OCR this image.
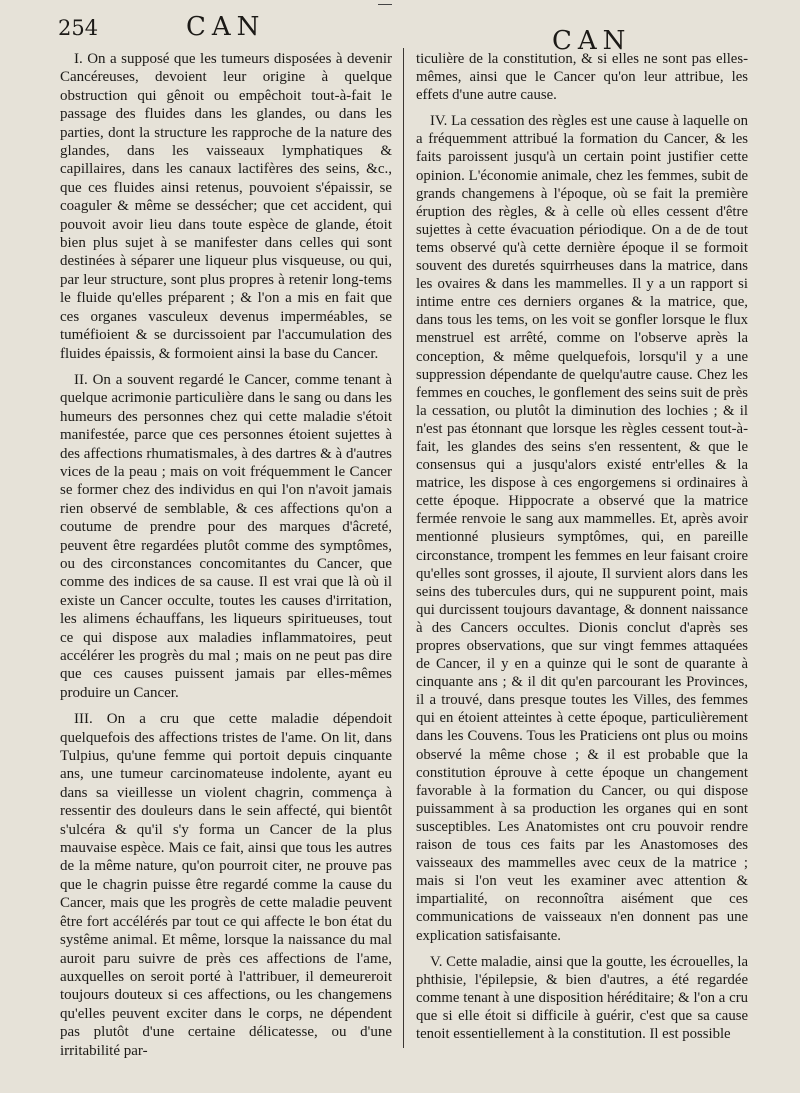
254	CAN	CAN

I. On a supposé que les tumeurs disposées à devenir Cancéreuses, devoient leur origine à quelque obstruction qui gênoit ou empêchoit tout-à-fait le passage des fluides dans les glandes, ou dans les parties, dont la structure les rapproche de la nature des glandes, dans les vaisseaux lymphatiques & capillaires, dans les canaux lactifères des seins, &c., que ces fluides ainsi retenus, pouvoient s'épaissir, se coaguler & même se dessécher; que cet accident, qui pouvoit avoir lieu dans toute espèce de glande, étoit bien plus sujet à se manifester dans celles qui sont destinées à séparer une liqueur plus visqueuse, ou qui, par leur structure, sont plus propres à retenir long-tems le fluide qu'elles préparent ; & l'on a mis en fait que ces organes vasculeux devenus imperméables, se tuméfioient & se durcissoient par l'accumulation des fluides épaissis, & formoient ainsi la base du Cancer.

II. On a souvent regardé le Cancer, comme tenant à quelque acrimonie particulière dans le sang ou dans les humeurs des personnes chez qui cette maladie s'étoit manifestée, parce que ces personnes étoient sujettes à des affections rhumatismales, à des dartres & à d'autres vices de la peau ; mais on voit fréquemment le Cancer se former chez des individus en qui l'on n'avoit jamais rien observé de semblable, & ces affections qu'on a coutume de prendre pour des marques d'âcreté, peuvent être regardées plutôt comme des symptômes, ou des circonstances concomitantes du Cancer, que comme des indices de sa cause. Il est vrai que là où il existe un Cancer occulte, toutes les causes d'irritation, les alimens échauffans, les liqueurs spiritueuses, tout ce qui dispose aux maladies inflammatoires, peut accélérer les progrès du mal ; mais on ne peut pas dire que ces causes puissent jamais par elles-mêmes produire un Cancer.

III. On a cru que cette maladie dépendoit quelquefois des affections tristes de l'ame. On lit, dans Tulpius, qu'une femme qui portoit depuis cinquante ans, une tumeur carcinomateuse indolente, ayant eu dans sa vieillesse un violent chagrin, commença à ressentir des douleurs dans le sein affecté, qui bientôt s'ulcéra & qu'il s'y forma un Cancer de la plus mauvaise espèce. Mais ce fait, ainsi que tous les autres de la même nature, qu'on pourroit citer, ne prouve pas que le chagrin puisse être regardé comme la cause du Cancer, mais que les progrès de cette maladie peuvent être fort accélérés par tout ce qui affecte le bon état du systême animal. Et même, lorsque la naissance du mal auroit paru suivre de près ces affections de l'ame, auxquelles on seroit porté à l'attribuer, il demeureroit toujours douteux si ces affections, ou les changemens qu'elles peuvent exciter dans le corps, ne dépendent pas plutôt d'une certaine délicatesse, ou d'une irritabilité par-

ticulière de la constitution, & si elles ne sont pas elles-mêmes, ainsi que le Cancer qu'on leur attribue, les effets d'une autre cause.

IV. La cessation des règles est une cause à laquelle on a fréquemment attribué la formation du Cancer, & les faits paroissent jusqu'à un certain point justifier cette opinion. L'économie animale, chez les femmes, subit de grands changemens à l'époque, où se fait la première éruption des règles, & à celle où elles cessent d'être sujettes à cette évacuation périodique. On a de de tout tems observé qu'à cette dernière époque il se formoit souvent des duretés squirrheuses dans la matrice, dans les ovaires & dans les mammelles. Il y a un rapport si intime entre ces derniers organes & la matrice, que, dans tous les tems, on les voit se gonfler lorsque le flux menstruel est arrêté, comme on l'observe après la conception, & même quelquefois, lorsqu'il y a une suppression dépendante de quelqu'autre cause. Chez les femmes en couches, le gonflement des seins suit de près la cessation, ou plutôt la diminution des lochies ; & il n'est pas étonnant que lorsque les règles cessent tout-à-fait, les glandes des seins s'en ressentent, & que le consensus qui a jusqu'alors existé entr'elles & la matrice, les dispose à ces engorgemens si ordinaires à cette époque. Hippocrate a observé que la matrice fermée renvoie le sang aux mammelles. Et, après avoir mentionné plusieurs symptômes, qui, en pareille circonstance, trompent les femmes en leur faisant croire qu'elles sont grosses, il ajoute, Il survient alors dans les seins des tubercules durs, qui ne suppurent point, mais qui durcissent toujours davantage, & donnent naissance à des Cancers occultes. Dionis conclut d'après ses propres observations, que sur vingt femmes attaquées de Cancer, il y en a quinze qui le sont de quarante à cinquante ans ; & il dit qu'en parcourant les Provinces, il a trouvé, dans presque toutes les Villes, des femmes qui en étoient atteintes à cette époque, particulièrement dans les Couvens. Tous les Praticiens ont plus ou moins observé la même chose ; & il est probable que la constitution éprouve à cette époque un changement favorable à la formation du Cancer, ou qui dispose puissamment à sa production les organes qui en sont susceptibles. Les Anatomistes ont cru pouvoir rendre raison de tous ces faits par les Anastomoses des vaisseaux des mammelles avec ceux de la matrice ; mais si l'on veut les examiner avec attention & impartialité, on reconnoîtra aisément que ces communications de vaisseaux n'en donnent pas une explication satisfaisante.

V. Cette maladie, ainsi que la goutte, les écrouelles, la phthisie, l'épilepsie, & bien d'autres, a été regardée comme tenant à une disposition héréditaire; & l'on a cru que si elle étoit si difficile à guérir, c'est que sa cause tenoit essentiellement à la constitution. Il est possible
